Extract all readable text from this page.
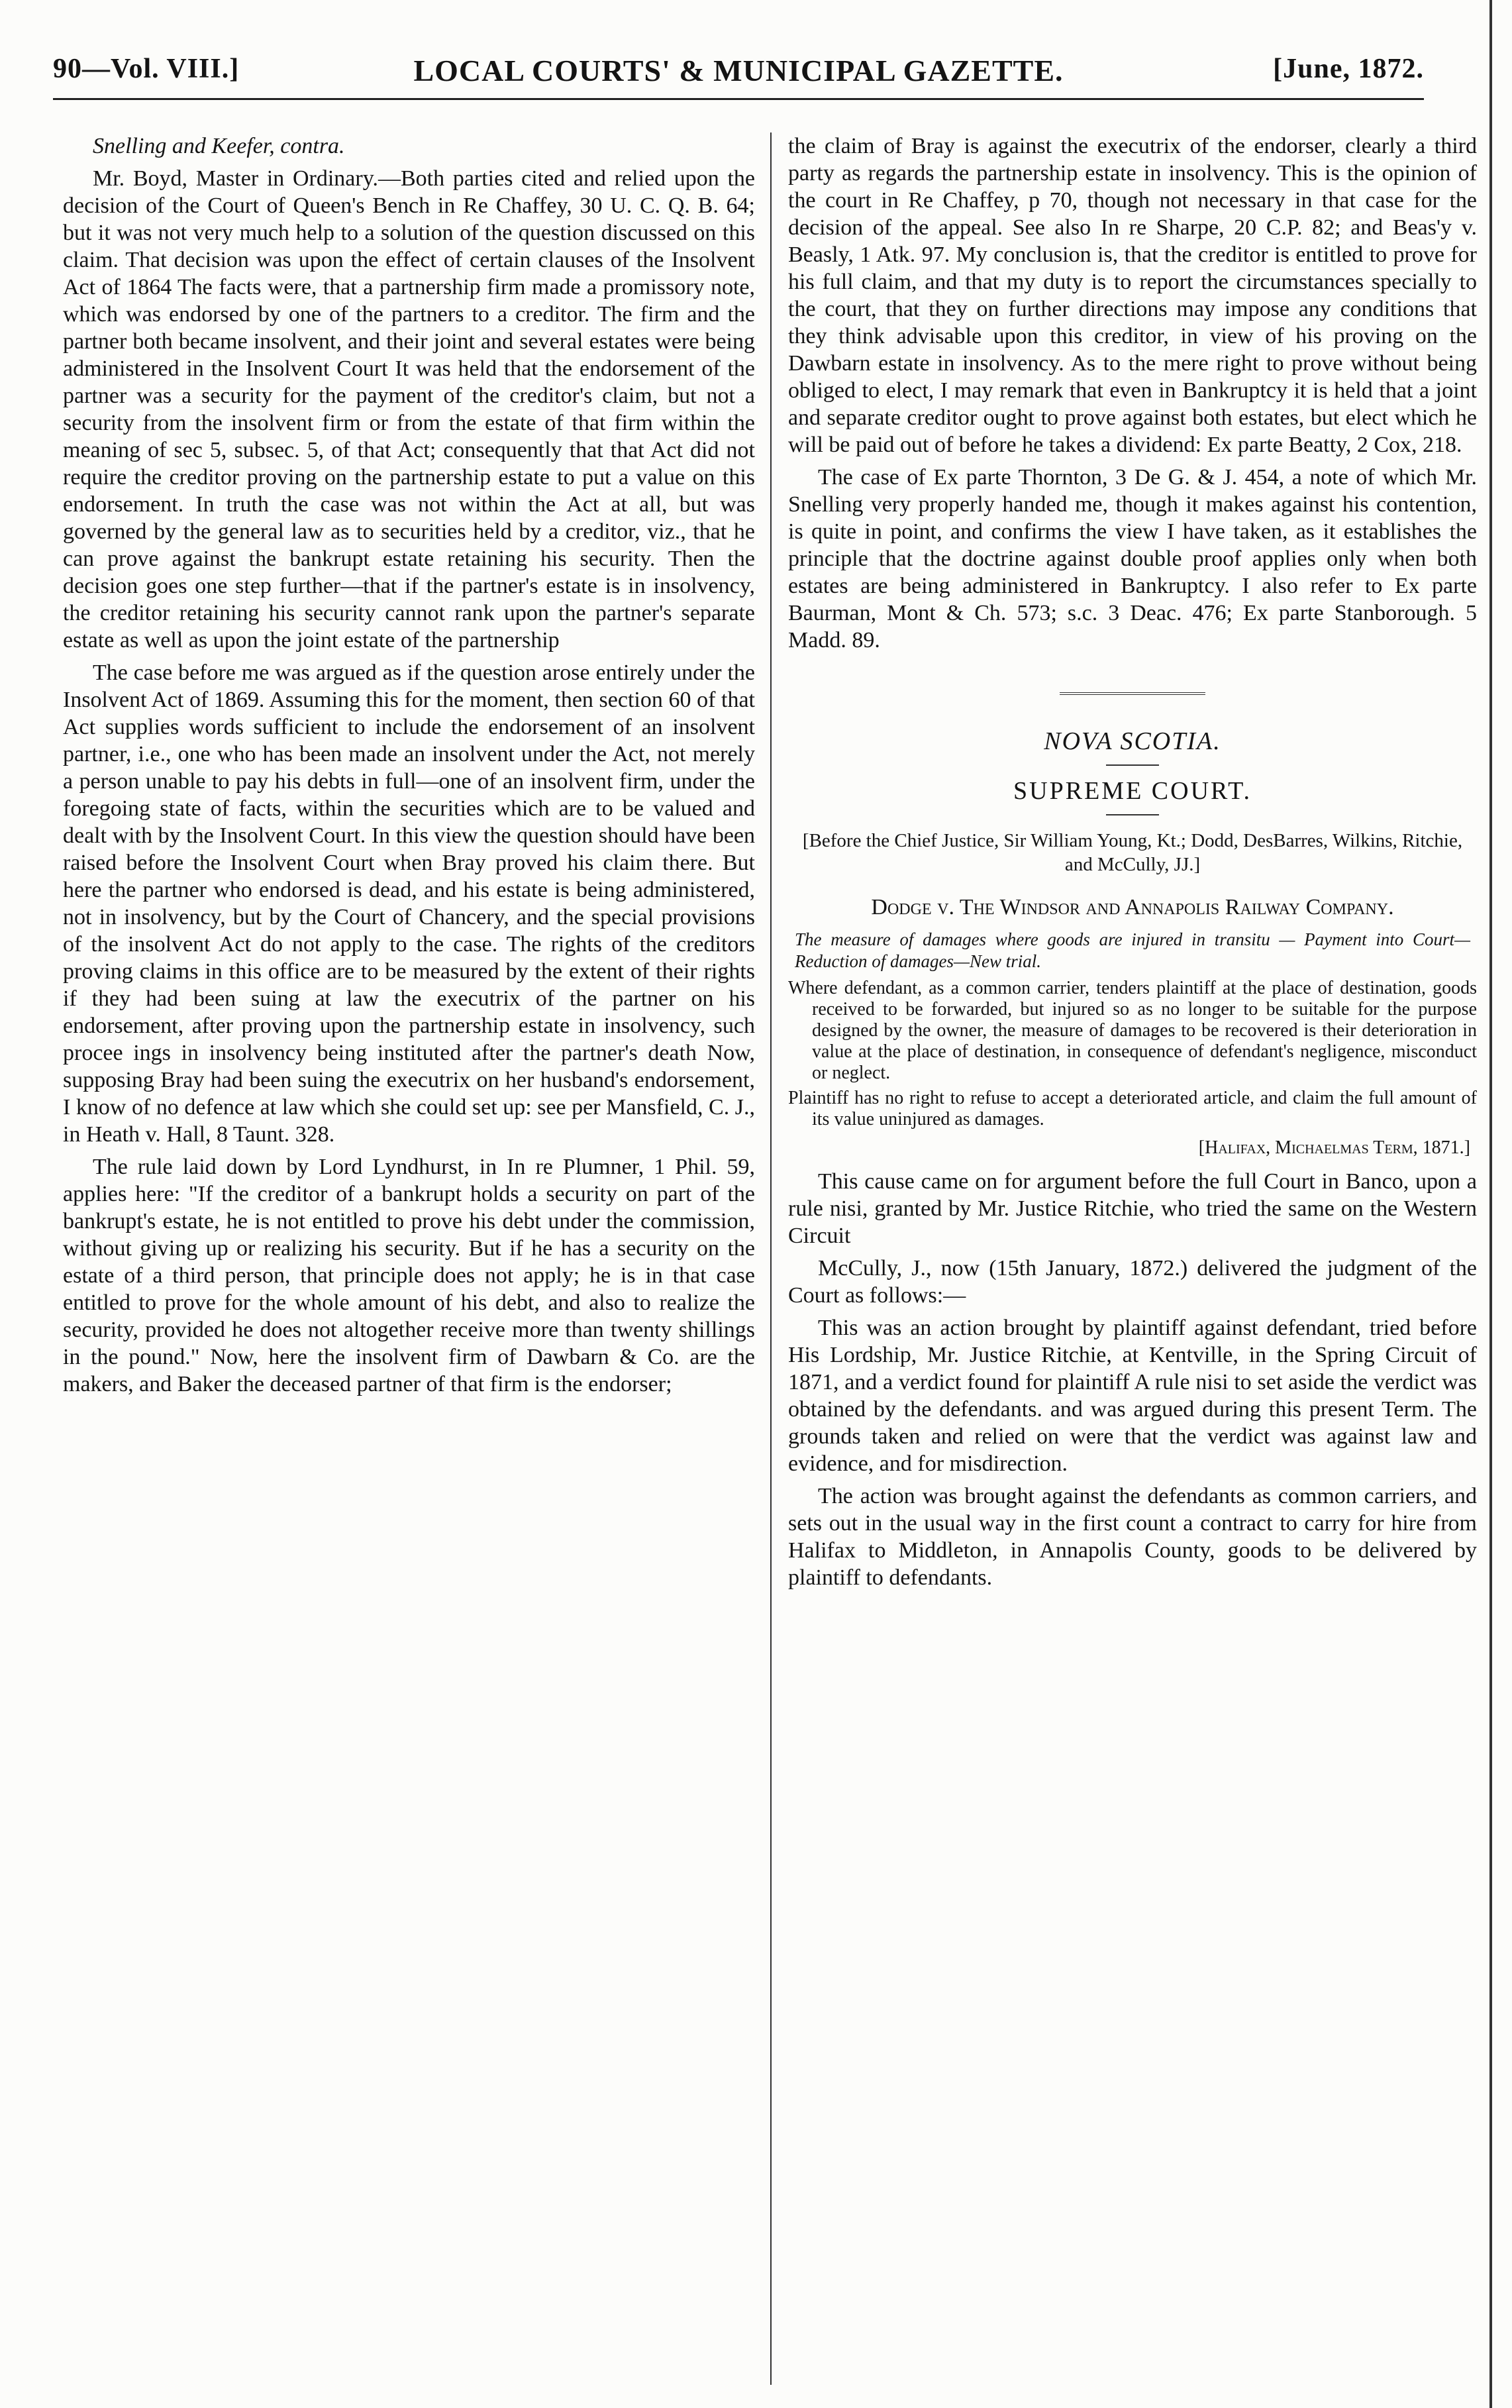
90—Vol. VIII.]	LOCAL COURTS' & MUNICIPAL GAZETTE.	[June, 1872.

Snelling and Keefer, contra.

Mr. Boyd, Master in Ordinary.—Both parties cited and relied upon the decision of the Court of Queen's Bench in Re Chaffey, 30 U. C. Q. B. 64; but it was not very much help to a solution of the question discussed on this claim. That decision was upon the effect of certain clauses of the Insolvent Act of 1864 The facts were, that a partnership firm made a promissory note, which was endorsed by one of the partners to a creditor. The firm and the partner both became insolvent, and their joint and several estates were being administered in the Insolvent Court It was held that the endorsement of the partner was a security for the payment of the creditor's claim, but not a security from the insolvent firm or from the estate of that firm within the meaning of sec 5, subsec. 5, of that Act; consequently that that Act did not require the creditor proving on the partnership estate to put a value on this endorsement. In truth the case was not within the Act at all, but was governed by the general law as to securities held by a creditor, viz., that he can prove against the bankrupt estate retaining his security. Then the decision goes one step further—that if the partner's estate is in insolvency, the creditor retaining his security cannot rank upon the partner's separate estate as well as upon the joint estate of the partnership

The case before me was argued as if the question arose entirely under the Insolvent Act of 1869. Assuming this for the moment, then section 60 of that Act supplies words sufficient to include the endorsement of an insolvent partner, i.e., one who has been made an insolvent under the Act, not merely a person unable to pay his debts in full—one of an insolvent firm, under the foregoing state of facts, within the securities which are to be valued and dealt with by the Insolvent Court. In this view the question should have been raised before the Insolvent Court when Bray proved his claim there. But here the partner who endorsed is dead, and his estate is being administered, not in insolvency, but by the Court of Chancery, and the special provisions of the insolvent Act do not apply to the case. The rights of the creditors proving claims in this office are to be measured by the extent of their rights if they had been suing at law the executrix of the partner on his endorsement, after proving upon the partnership estate in insolvency, such procee ings in insolvency being instituted after the partner's death Now, supposing Bray had been suing the executrix on her husband's endorsement, I know of no defence at law which she could set up: see per Mansfield, C. J., in Heath v. Hall, 8 Taunt. 328.

The rule laid down by Lord Lyndhurst, in In re Plumner, 1 Phil. 59, applies here: "If the creditor of a bankrupt holds a security on part of the bankrupt's estate, he is not entitled to prove his debt under the commission, without giving up or realizing his security. But if he has a security on the estate of a third person, that principle does not apply; he is in that case entitled to prove for the whole amount of his debt, and also to realize the security, provided he does not altogether receive more than twenty shillings in the pound." Now, here the insolvent firm of Dawbarn & Co. are the makers, and Baker the deceased partner of that firm is the endorser;

the claim of Bray is against the executrix of the endorser, clearly a third party as regards the partnership estate in insolvency. This is the opinion of the court in Re Chaffey, p 70, though not necessary in that case for the decision of the appeal. See also In re Sharpe, 20 C.P. 82; and Beas'y v. Beasly, 1 Atk. 97. My conclusion is, that the creditor is entitled to prove for his full claim, and that my duty is to report the circumstances specially to the court, that they on further directions may impose any conditions that they think advisable upon this creditor, in view of his proving on the Dawbarn estate in insolvency. As to the mere right to prove without being obliged to elect, I may remark that even in Bankruptcy it is held that a joint and separate creditor ought to prove against both estates, but elect which he will be paid out of before he takes a dividend: Ex parte Beatty, 2 Cox, 218.

The case of Ex parte Thornton, 3 De G. & J. 454, a note of which Mr. Snelling very properly handed me, though it makes against his contention, is quite in point, and confirms the view I have taken, as it establishes the principle that the doctrine against double proof applies only when both estates are being administered in Bankruptcy. I also refer to Ex parte Baurman, Mont & Ch. 573; s.c. 3 Deac. 476; Ex parte Stanborough. 5 Madd. 89.

NOVA SCOTIA.
SUPREME COURT.
[Before the Chief Justice, Sir William Young, Kt.; Dodd, DesBarres, Wilkins, Ritchie, and McCully, JJ.]
Dodge v. The Windsor and Annapolis Railway Company.
The measure of damages where goods are injured in transitu — Payment into Court—Reduction of damages—New trial.
Where defendant, as a common carrier, tenders plaintiff at the place of destination, goods received to be forwarded, but injured so as no longer to be suitable for the purpose designed by the owner, the measure of damages to be recovered is their deterioration in value at the place of destination, in consequence of defendant's negligence, misconduct or neglect.
Plaintiff has no right to refuse to accept a deteriorated article, and claim the full amount of its value uninjured as damages.
[Halifax, Michaelmas Term, 1871.]

This cause came on for argument before the full Court in Banco, upon a rule nisi, granted by Mr. Justice Ritchie, who tried the same on the Western Circuit

McCully, J., now (15th January, 1872.) delivered the judgment of the Court as follows:—

This was an action brought by plaintiff against defendant, tried before His Lordship, Mr. Justice Ritchie, at Kentville, in the Spring Circuit of 1871, and a verdict found for plaintiff A rule nisi to set aside the verdict was obtained by the defendants. and was argued during this present Term. The grounds taken and relied on were that the verdict was against law and evidence, and for misdirection.

The action was brought against the defendants as common carriers, and sets out in the usual way in the first count a contract to carry for hire from Halifax to Middleton, in Annapolis County, goods to be delivered by plaintiff to defendants.
